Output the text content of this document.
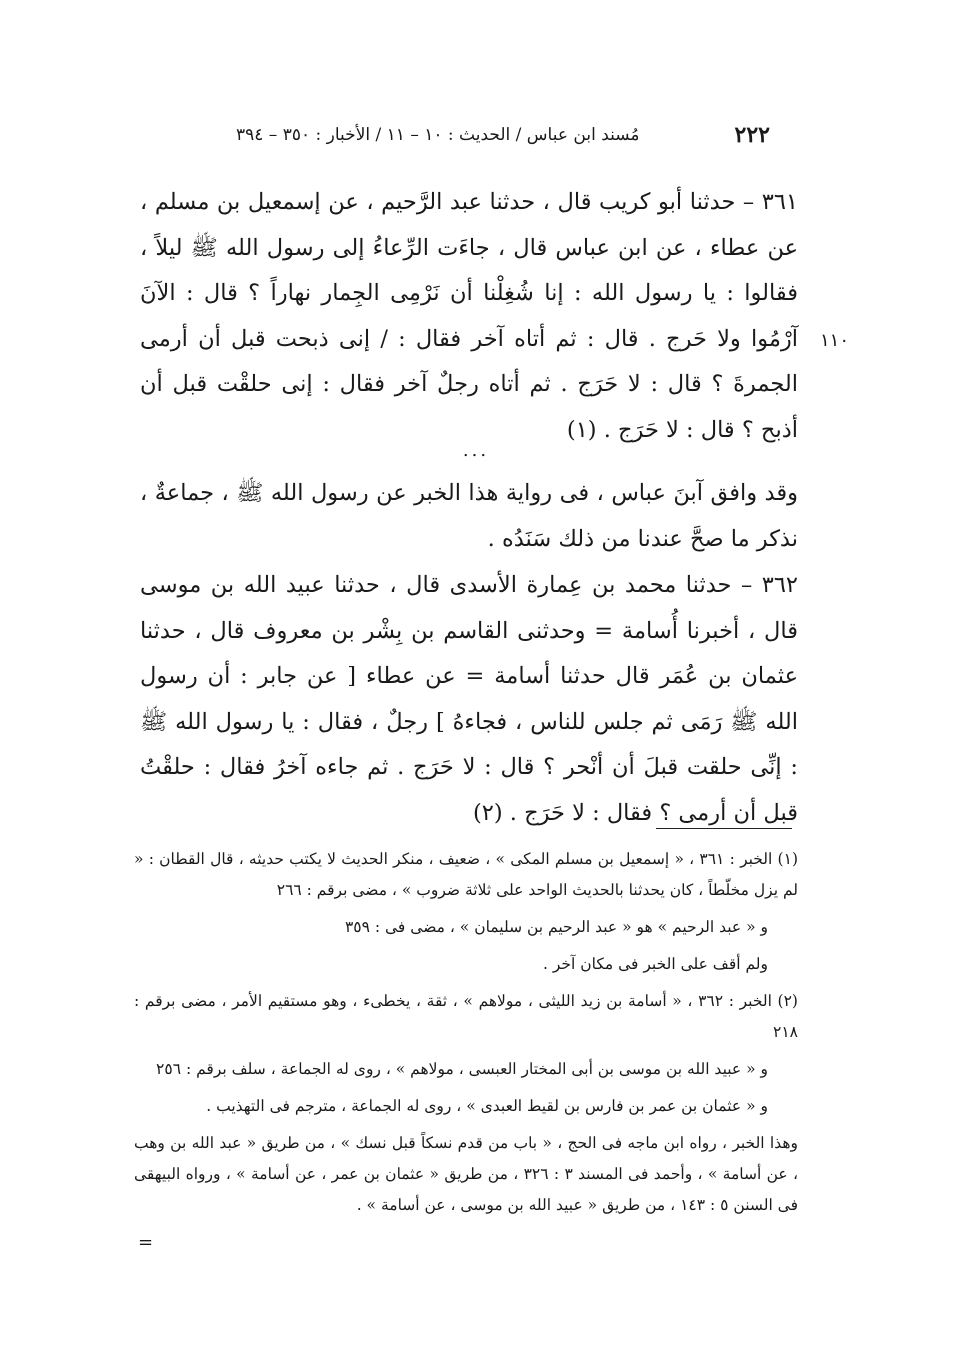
٢٢٢
مُسند ابن عباس / الحديث : ١٠ – ١١ / الأخبار : ٣٥٠ – ٣٩٤
١١٠

٣٦١ – حدثنا أبو كريب قال ، حدثنا عبد الرَّحيم ، عن إسمعيل بن مسلم ، عن عطاء ، عن ابن عباس قال ، جاءَت الرِّعاءُ إلى رسول الله ﷺ ليلاً ، فقالوا : يا رسول الله : إنا شُغِلْنا أن نَرْمِى الجِمار نهاراً ؟ قال : الآنَ آرْمُوا ولا حَرج . قال : ثم أتاه آخر فقال : / إنى ذبحت قبل أن أرمى الجمرةَ ؟ قال : لا حَرَج . ثم أتاه رجلٌ آخر فقال : إنى حلقْت قبل أن أذبح ؟ قال : لا حَرَج . (١)

...

وقد وافق آبنَ عباس ، فى رواية هذا الخبر عن رسول الله ﷺ ، جماعةٌ ، نذكر ما صحَّ عندنا من ذلك سَنَدُه .

٣٦٢ – حدثنا محمد بن عِمارة الأسدى قال ، حدثنا عبيد الله بن موسى قال ، أخبرنا أُسامة = وحدثنى القاسم بن بِشْر بن معروف قال ، حدثنا عثمان بن عُمَر قال حدثنا أسامة = عن عطاء [ عن جابر : أن رسول الله ﷺ رَمَى ثم جلس للناس ، فجاءهُ ] رجلٌ ، فقال : يا رسول الله ﷺ : إنِّى حلقت قبلَ أن أنْحر ؟ قال : لا حَرَج . ثم جاءه آخرُ فقال : حلقْتُ قبل أن أرمى ؟ فقال : لا حَرَج . (٢)

(١) الخبر : ٣٦١ ، « إسمعيل بن مسلم المكى » ، ضعيف ، منكر الحديث لا يكتب حديثه ، قال القطان : « لم يزل مخلّطاً ، كان يحدثنا بالحديث الواحد على ثلاثة ضروب » ، مضى برقم : ٢٦٦

و « عبد الرحيم » هو « عبد الرحيم بن سليمان » ، مضى فى : ٣٥٩

ولم أقف على الخبر فى مكان آخر .

(٢) الخبر : ٣٦٢ ، « أسامة بن زيد الليثى ، مولاهم » ، ثقة ، يخطىء ، وهو مستقيم الأمر ، مضى برقم : ٢١٨

و « عبيد الله بن موسى بن أبى المختار العبسى ، مولاهم » ، روى له الجماعة ، سلف برقم : ٢٥٦

و « عثمان بن عمر بن فارس بن لقيط العبدى » ، روى له الجماعة ، مترجم فى التهذيب .

وهذا الخبر ، رواه ابن ماجه فى الحج ، « باب من قدم نسكاً قبل نسك » ، من طريق « عبد الله بن وهب ، عن أسامة » ، وأحمد فى المسند ٣ : ٣٢٦ ، من طريق « عثمان بن عمر ، عن أسامة » ، ورواه البيهقى فى السنن ٥ : ١٤٣ ، من طريق « عبيد الله بن موسى ، عن أسامة » .

=
